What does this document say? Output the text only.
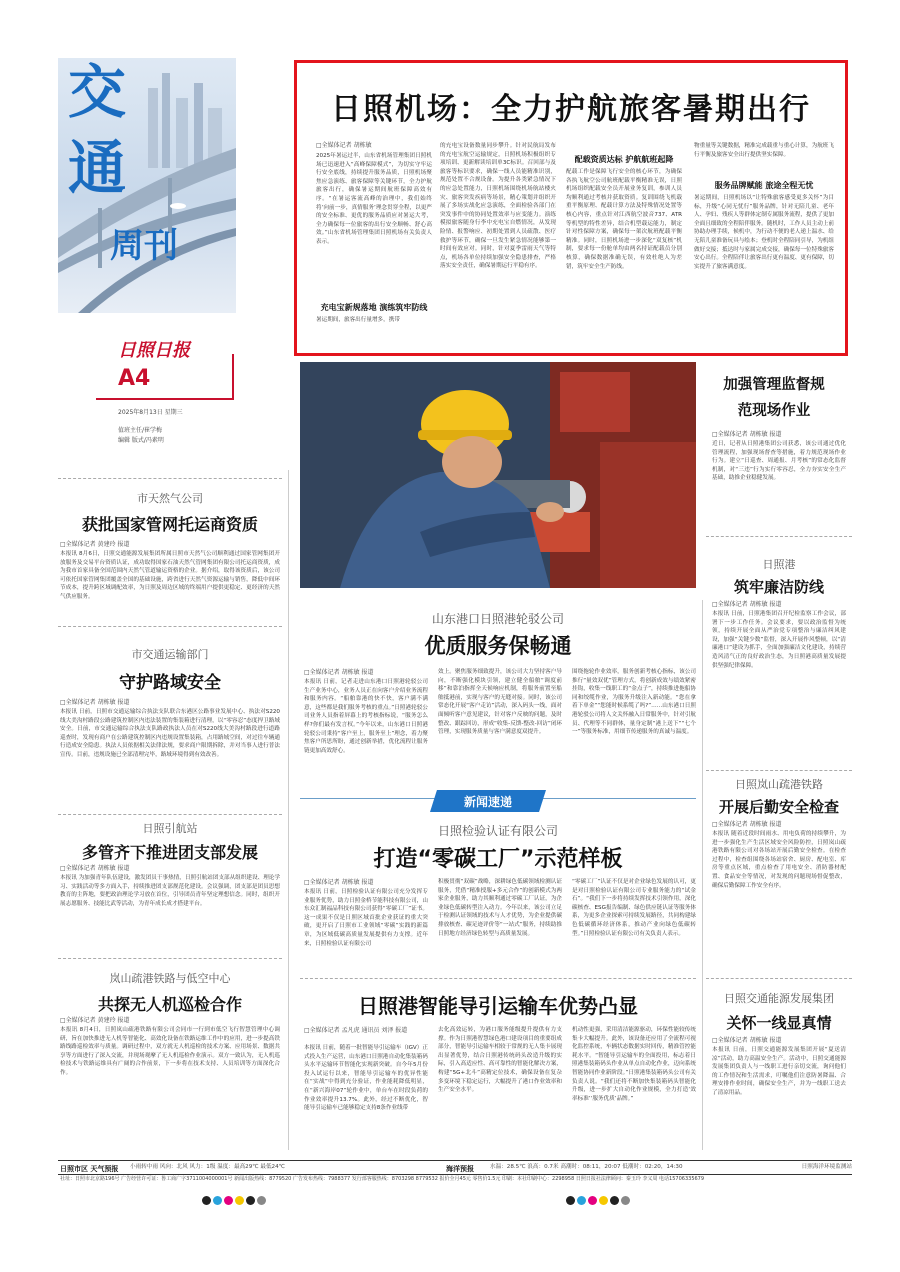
交
通
周刊
日照日报
A4
2025年8月13日 星期三
值班主任/崔学梅
编辑 版式/冯素明
市天然气公司
获批国家管网托运商资质
□全媒体记者 黄建玲 报道
本报讯 8月6日，日照交通能源发展集团所属日照市天然气公司顺利通过国家管网集团开放服务及交易平台资质认证，成功取得国家石油天然气管网集团有限公司托运商资质，成为我市首家具备全国范围内天然气管道输运资格的企业。据介绍，取得该资质后，该公司可依托国家管网集团覆盖全国的基础设施，跨省进行天然气资源运输与销售，降低中间环节成本，提升跨区域调配效率，为日照及周边区域的终端用户提供更稳定、更经济的天然气供应服务。
市交通运输部门
守护路域安全
□全媒体记者 胡栋敏 报道
本报讯 日前，日照市交通运输综合执法支队联合东港区公路事业发展中心、执法对S220线大美沟村路段公路建筑控制区内违法装置的集装箱进行清理，以“零容忍”态度捍卫路域安全。日前，市交通运输综合执法支队路政执法人员在对S220线大美沟村路段进行道路巡查时，发现有商户在公路建筑控制区内违规设置集装箱，占用路域空间，对过往车辆通行造成安全隐患。执法人员依据相关法律法规，要求商户限期拆除，并对当事人进行普法宣传。目前，违规设施已全部清理完毕，路域环境得到有效改善。
日照引航站
多管齐下推进团支部发展
□全媒体记者 胡栋敏 报道
本报讯 为加强青年队伍建设，激发团员干事热情，日照引航站团支部从组织建设、理论学习、实践活动等多方面入手，持续推进团支部规范化建设。会议强调，团支部是团员思想教育的主阵地，要把政治理论学习放在首位，引导团员青年坚定理想信念。同时，组织开展志愿服务、技能比武等活动，为青年成长成才搭建平台。
岚山疏港铁路与低空中心
共探无人机巡检合作
□全媒体记者 黄建玲 报道
本报讯 8月4日，日照岚山疏港铁路有限公司会同市一行到市低空飞行智慧管理中心调研，旨在加快推进无人机等智能化、高效化设备在铁路运维工作中的应用，进一步提高铁路线路巡检效率与质量。调研过程中，双方就无人机巡检的技术方案、应用场景、数据共享等方面进行了深入交流，并现场观摩了无人机巡检作业演示。双方一致认为，无人机巡检技术与铁路运维具有广阔的合作前景，下一步将在技术支持、人员培训等方面深化合作。
日照机场：全力护航旅客暑期出行
□全媒体记者 胡栋敏
2025年暑运过半，山东省机场管理集团日照机场已迅速进入“高峰保障模式”，为切实守牢运行安全底线，持续提升服务品质，日照机场聚焦应急演练、旅客保障等关键环节，全力护航旅客出行，确保暑运期间航班保障高效有序。“在暑运客流高峰的治理中，我们始终将‘向前一步，真情服务’理念贯穿全程，以更严的安全标准、更优的服务品质应对暑运大考，全力确保每一位旅客的出行安全顺畅、舒心高效。”山东省机场管理集团日照机场有关负责人表示。
充电宝新规落地 演练筑牢防线
暑运期间，旅客出行量增多，携带
的充电宝设备数量同步攀升。针对民航局发布的充电宝航空运输规定，日照机场积极组织专项培训、更新解读培训单3C标识。召回部与及旅客等标识要求，确保一线人员能精准识别，规范处置不合规设备。为提升各类紧急情况下的应急处置能力，日照机场围绕机场航站楼火灾、旅客突发疾病等场景，精心策划并组织开展了多场实战化应急演练，全面检验各部门在突发事件中的协同处置效率与应变能力。演练模拟旅客随身行李中充电宝自燃情况，从发现险情、报警响应、初期处置到人员疏散、医疗救护等环节，确保一旦发生紧急情况能够第一时间有效应对。同时，针对夏季雷雨天气等特点，机场各单位持续加强安全隐患排查，严格落实安全责任，确保暑期运行平稳有序。
配载资质达标 护航航班起降
配载工作是保障飞行安全的核心环节，为确保各执飞航空公司航班配载平衡精准无误，日照机场组织配载安全员开展业务复训，参训人员均顺利通过考核并获取资质。复训围绕飞机载重平衡原理、配载计算方法及特殊情况处置等核心内容，重点针对江西航空波音737、ATR等机型的特性差异，结合机型载运能力，制定针对性保障方案，确保每一架次航班配载平衡精准。同时，日照机场进一步深化“双复核”机制，要求每一份舱单均由两名持证配载员分别核算，确保数据准确无误，有效杜绝人为差错，筑牢安全生产防线。
物重量等关键数据，精准完成载重与重心计算，为航班飞行平衡及旅客安全出行提供坚实保障。
服务品牌赋能 旅途全程无忧
暑运期间，日照机场以“让特殊旅客感受更多关怀”为目标，升级“心同无忧行”服务品牌，针对无陪儿童、老年人、孕妇、残疾人等群体定制专属服务流程，提供了更加全面且细致的全程陪伴服务。随机时，工作人员主动上前协助办理手续，候机中，为行动不便的老人递上温水、给无陪儿童准备玩具与绘本；登机时全程陪同引导，为机组做好交接；抵达时与家属完成交接，确保每一位特殊旅客安心出行。全程陪伴让旅客出行更有温度、更有保障，切实提升了旅客满意度。
加强管理监督规范现场作业
□全媒体记者 胡栋敏 报道
近日，记者从日照港集团公司获悉，该公司通过优化管理流程，加强现场督查等措施，着力规范现场作业行为。建立“日巡查、周通报、月考核”的常态化监督机制，对“三违”行为实行零容忍，全力夯实安全生产基础，助推企业稳健发展。
日照港
筑牢廉洁防线
□全媒体记者 胡栋敏 报道
本报讯 日前，日照港集团召开纪检监察工作会议，部署下一步工作任务。会议要求，要以政治监督为统领，持续开展全面从严治党专项整治与廉洁纠风建设，加强“关键少数”监督，深入开展作风整顿，以“清廉港口”建设为抓手，全面加强廉洁文化建设，持续营造风清气正的良好政治生态，为日照港高质量发展提供坚强纪律保障。
日照岚山疏港铁路
开展后勤安全检查
□全媒体记者 胡栋敏 报道
本报讯 随着近段时间雨水、用电负荷的持续攀升，为进一步强化生产生活区域安全风险防控，日照岚山疏港铁路有限公司对各场站开展后勤安全检查。在检查过程中，检查组围绕各场站宿舍、厨房、配电室、库房等重点区域，重点检查了用电安全、消防器材配置、食品安全等情况，对发现的问题现场督促整改，确保后勤保障工作安全有序。
日照交通能源发展集团
关怀一线显真情
□全媒体记者 胡栋敏 报道
本报讯 日前，日照交通能源发展集团开展“夏送清凉”活动，助力高温安全生产。活动中，日照交通能源发展集团负责人与一线职工进行亲切交流，询问他们的工作情况和生活需求，叮嘱他们注意防暑降温、合理安排作业时间，确保安全生产，并为一线职工送去了清凉用品。
山东港口日照港轮驳公司
优质服务保畅通
□全媒体记者 胡栋敏 报道
本报讯 日前，记者走进山东港口日照港轮驳公司生产业务中心，业务人员正在向客户介绍业务流程和服务内容。“船舶靠港的快不快，客户满不满意，这些都是我们服务考核的重点。”日照港轮驳公司业务人员指着屏幕上的考核指标说，“服务怎么样?你们最有发言权。”今年以来，山东港口日照港轮驳公司秉持“客户至上，服务至上”理念，着力聚焦客户所思所盼，通过创新举措，优化流程让服务链更加高效舒心。
效上。聚焦服务细致提升，该公司大力坚持客户导向，不断强化模块引领，建立健全船舶“调度前移”和靠泊指挥全天候响应机制，将服务前置至船舶抵港前，实现与客户的无缝对接。同时，该公司常态化开展“客户走访”活动，深入码头一线，面对面倾听客户意见建议，针对客户反映的问题，及时整改、跟踪回访，形成“收集-反馈-整改-回访”闭环管理，实现服务质量与客户满意度双提升。
围绕拖轮作业效率，服务创新考核心指标，该公司推行“量效双优”管理方式，将创新成效与绩效紧密挂钩，收集一线职工的“金点子”，持续推进拖船协同和绞缆作业，为服务升级注入新动能。“您在拿着下单金”“您能时候系缆了吗?”……山东港口日照港轮驳公司将人文关怀融入日常服务中，针对引航员、代理等不同群体，量身定制“港上送下”“七个一”等服务标准，用细节传递服务的真诚与温度。
新闻速递
日照检验认证有限公司
打造“零碳工厂”示范样板
□全媒体记者 胡栋敏 报道
本报讯 日前，日照检验认证有限公司充分发挥专业服务优势，助力日照金桥节能科技有限公司，山东众汇制福品科技有限公司获得“零碳工厂”证书。这一成果不仅是日照区域首批企业获证的重大突破，更开启了日照市工业领域“零碳”实践的新篇章，为区域低碳高质量发展提供有力支撑。近年来，日照检验认证有限公司
积极贯彻“双碳”战略，深耕绿色低碳领域检测认证服务，凭借“精准授服+多元合作”的创新模式为两家企业服务，助力其顺利通过零碳工厂认证，为企业绿色低碳转型注入动力。今年以来，该公司立足于检测认证领域的技术与人才优势，为企业提供碳排放核查、碳足迹评价等“一站式”服务，持续助推日照地方经济绿色转型与高质量发展。
“零碳工厂”认证不仅是对企业绿色发展的认可，更是对日照检验认证有限公司专业服务能力的“试金石”。“我们下一步将持续发挥技术引领作用，深化碳核查、ESG报告编制、绿色供应链认证等服务体系，为更多企业探索可持续发展路径，共同构建绿色低碳循环经济体系，推动产业向绿色低碳转型。”日照检验认证有限公司有关负责人表示。
日照港智能导引运输车优势凸显
□全媒体记者 孟凡虎 通讯员 刘泽 报道
本报讯 日前，随着一批智能导引运输车（IGV）正式投入生产运营，山东港口日照港自动化集装箱码头水平运输环节智能化实现新突破。自今年5月份投入试运行以来，智能导引运输车的优异性能在“实战”中得到充分验证，作业能耗降低明显，在“新兴海岸07”轮作业中，单台车在时段负荷的作业效率提升13.7%。此外，经过不断优化，智能导引运输车已能够稳定支持8条作业线带
去化高效运转，为港口服务能级提升提供有力支撑。作为日照港智慧绿色港口建设项目的重要组成部分，智能导引运输车相较于常规的无人集卡展现出显著优势，结合日照港传统码头改造升级的实际，引入高适应性、高可靠性的智能化解决方案，构建“5G+北斗”高精定位技术，确保设备在复杂多变环境下稳定运行，大幅提升了港口作业效率和生产安全水平。
机动性更强，采用清洁能源驱动，环保性能较传统集卡大幅提升。此外，该设备还应用了全流程可视化监控系统，车辆状态数据实时回传，精准管控能耗水平。“智能导引运输车的全面投用，标志着日照港集装箱码头作业从单点自动化作业，迈向系统智能协同作业新阶段。”日照港集装箱码头公司有关负责人说。“我们还将不断加快集装箱码头智能化升级，进一步扩大自动化作业规模，全力打造‘效率标准’‘服务优质’品牌。”
日照市区 天气预报 小雨转中雨 风向：北风 风力：1级 温度：最高29℃ 最低24℃	海洋预报	水温：28.5℃ 浪高：0.7米 高潮时：08:11，20:07 低潮时：02:20，14:30	日照海洋环境监测站
社址：日照市北京路196号 广告经营许可证：鲁工商广字3711004000001号 新闻出版热线：8779520 广告发布热线：7988377 发行部客服热线：8703298 8779532 报价全月45元 零售价1.5元 印刷：本社印刷中心：2298958 日照日报社法律顾问：秦玉玲 李义周 电话15706335679
